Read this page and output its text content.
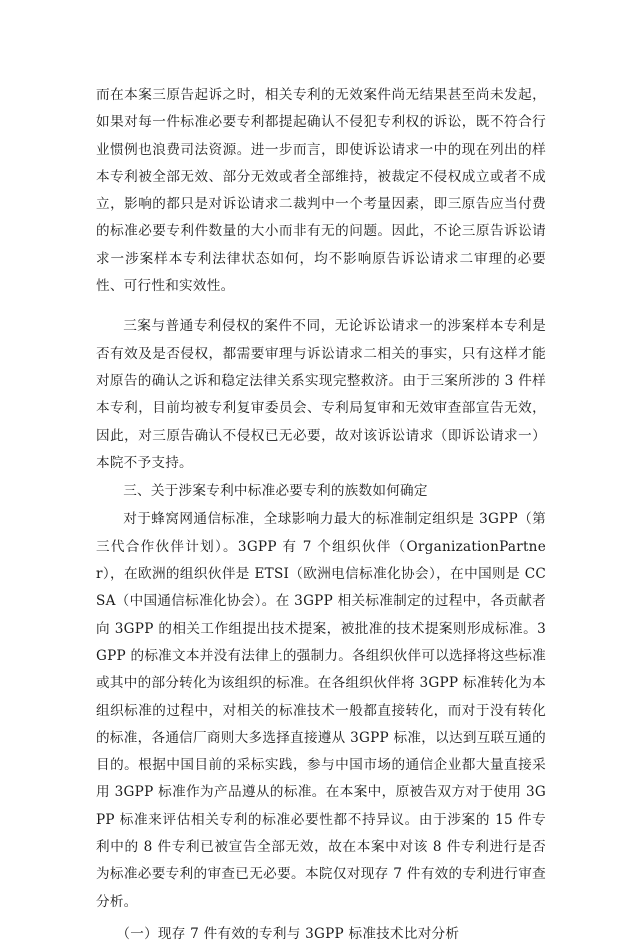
而在本案三原告起诉之时，相关专利的无效案件尚无结果甚至尚未发起，如果对每一件标准必要专利都提起确认不侵犯专利权的诉讼，既不符合行业惯例也浪费司法资源。进一步而言，即使诉讼请求一中的现在列出的样本专利被全部无效、部分无效或者全部维持，被裁定不侵权成立或者不成立，影响的都只是对诉讼请求二裁判中一个考量因素，即三原告应当付费的标准必要专利件数量的大小而非有无的问题。因此，不论三原告诉讼请求一涉案样本专利法律状态如何，均不影响原告诉讼请求二审理的必要性、可行性和实效性。

三案与普通专利侵权的案件不同，无论诉讼请求一的涉案样本专利是否有效及是否侵权，都需要审理与诉讼请求二相关的事实，只有这样才能对原告的确认之诉和稳定法律关系实现完整救济。由于三案所涉的 3 件样本专利，目前均被专利复审委员会、专利局复审和无效审查部宣告无效，因此，对三原告确认不侵权已无必要，故对该诉讼请求（即诉讼请求一）本院不予支持。

三、关于涉案专利中标准必要专利的族数如何确定

对于蜂窝网通信标准，全球影响力最大的标准制定组织是 3GPP（第三代合作伙伴计划）。3GPP 有 7 个组织伙伴（OrganizationPartner），在欧洲的组织伙伴是 ETSI（欧洲电信标准化协会），在中国则是 CCSA（中国通信标准化协会）。在 3GPP 相关标准制定的过程中，各贡献者向 3GPP 的相关工作组提出技术提案，被批准的技术提案则形成标准。3GPP 的标准文本并没有法律上的强制力。各组织伙伴可以选择将这些标准或其中的部分转化为该组织的标准。在各组织伙伴将 3GPP 标准转化为本组织标准的过程中，对相关的标准技术一般都直接转化，而对于没有转化的标准，各通信厂商则大多选择直接遵从 3GPP 标准，以达到互联互通的目的。根据中国目前的采标实践，参与中国市场的通信企业都大量直接采用 3GPP 标准作为产品遵从的标准。在本案中，原被告双方对于使用 3GPP 标准来评估相关专利的标准必要性都不持异议。由于涉案的 15 件专利中的 8 件专利已被宣告全部无效，故在本案中对该 8 件专利进行是否为标准必要专利的审查已无必要。本院仅对现存 7 件有效的专利进行审查分析。

（一）现存 7 件有效的专利与 3GPP 标准技术比对分析
